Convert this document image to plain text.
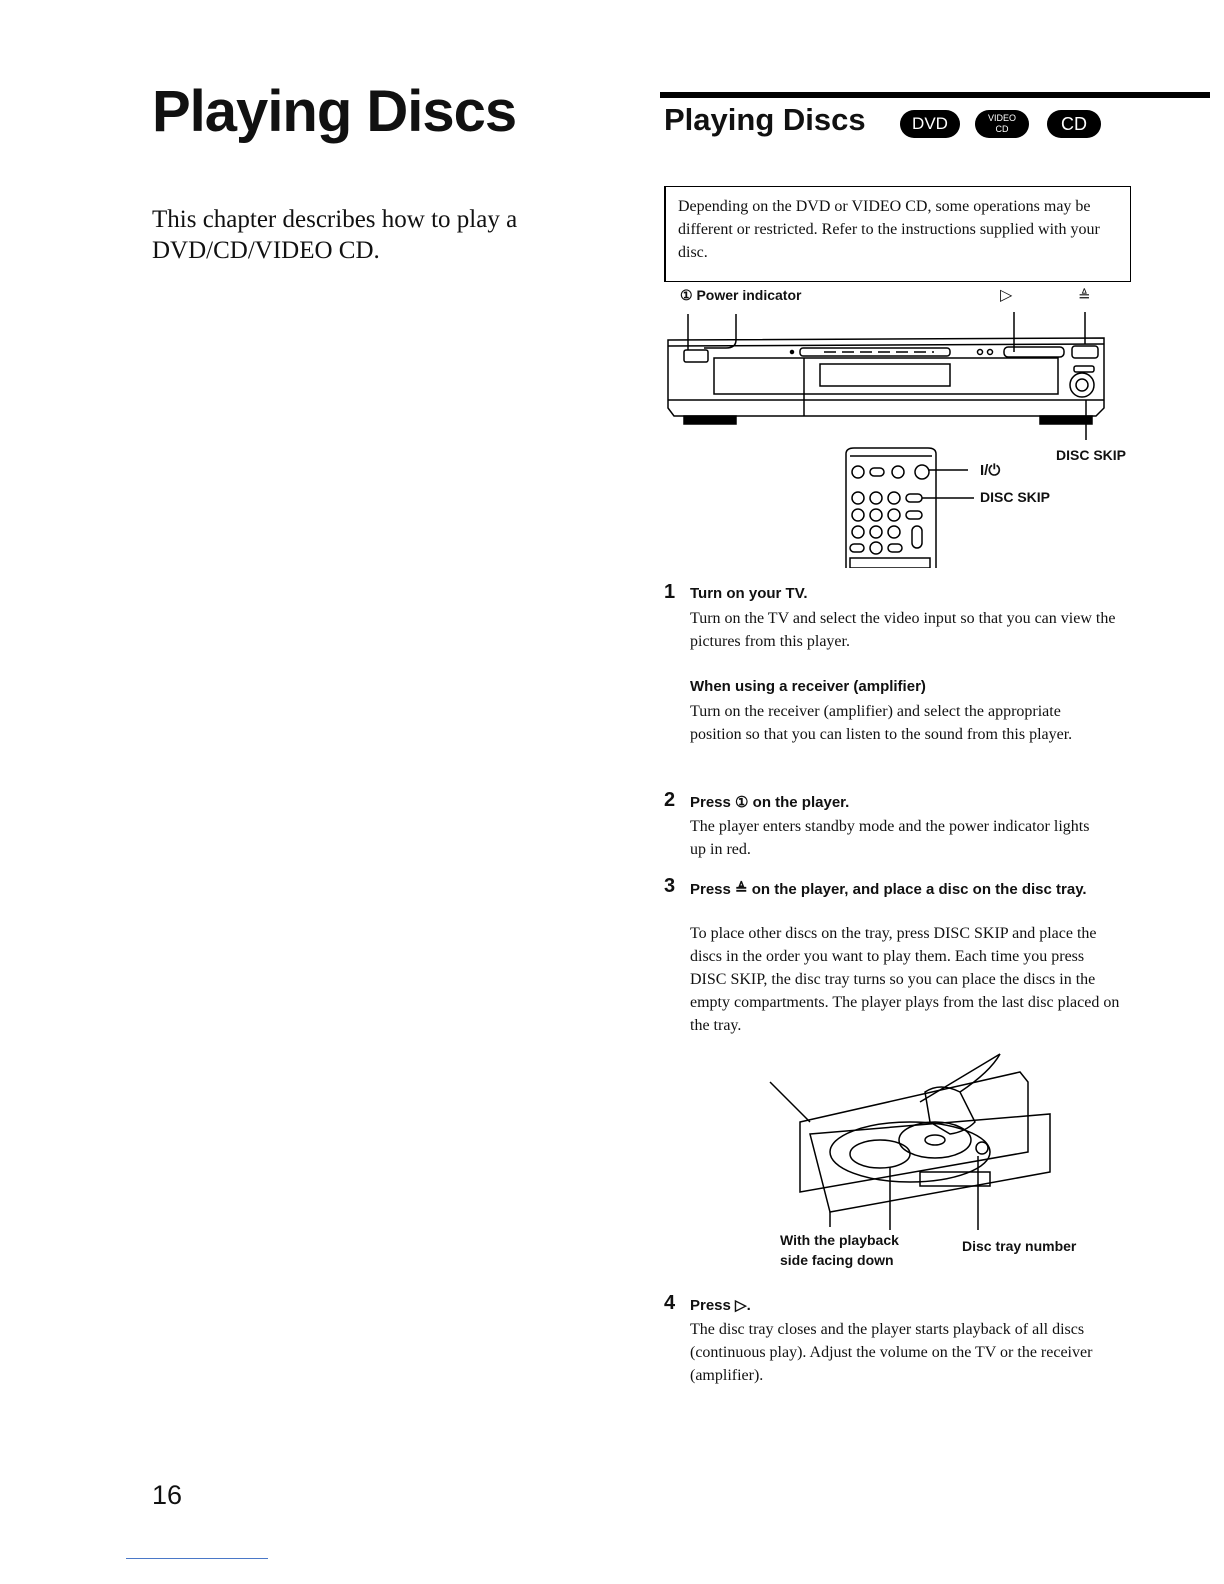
Playing Discs
This chapter describes how to play a DVD/CD/VIDEO CD.
Playing Discs	DVD	VIDEO
CD	CD
Depending on the DVD or VIDEO CD, some operations may be different or restricted. Refer to the instructions supplied with your disc.
① Power indicator	▷	≜
DISC SKIP
I/⏻
DISC SKIP
1 Turn on your TV.
Turn on the TV and select the video input so that you can view the pictures from this player.
When using a receiver (amplifier)
Turn on the receiver (amplifier) and select the appropriate position so that you can listen to the sound from this player.
2 Press ① on the player.
The player enters standby mode and the power indicator lights up in red.
3 Press ≜ on the player, and place a disc on the disc tray.
To place other discs on the tray, press DISC SKIP and place the discs in the order you want to play them. Each time you press DISC SKIP, the disc tray turns so you can place the discs in the empty compartments. The player plays from the last disc placed on the tray.
With the playback
side facing down
Disc tray number
4 Press ▷.
The disc tray closes and the player starts playback of all discs (continuous play). Adjust the volume on the TV or the receiver (amplifier).
16
